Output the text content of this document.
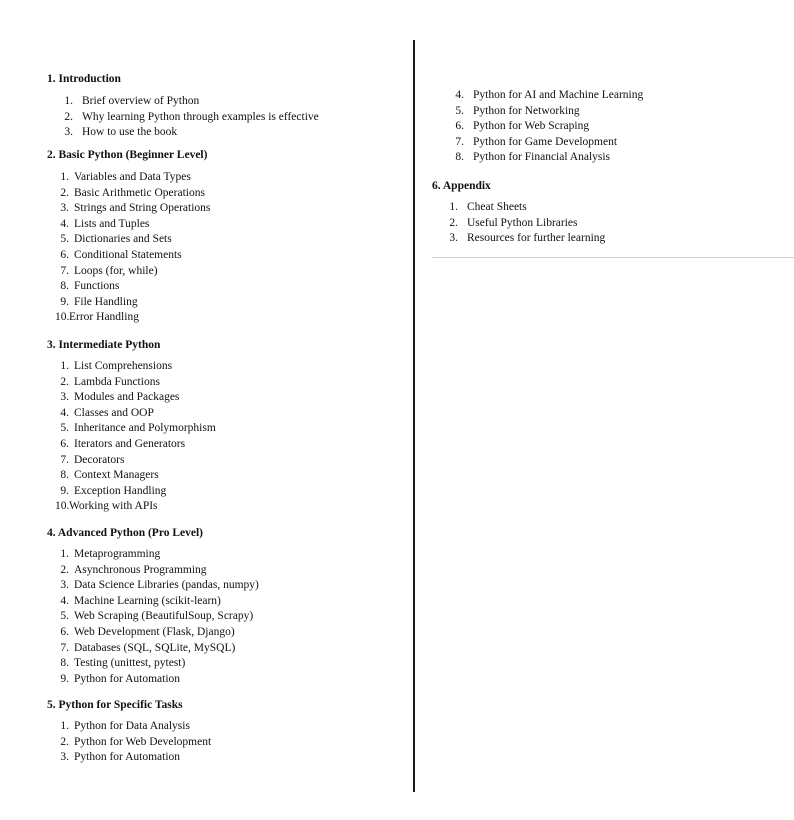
1. Introduction

1. Brief overview of Python
2. Why learning Python through examples is effective
3. How to use the book

2. Basic Python (Beginner Level)

1. Variables and Data Types
2. Basic Arithmetic Operations
3. Strings and String Operations
4. Lists and Tuples
5. Dictionaries and Sets
6. Conditional Statements
7. Loops (for, while)
8. Functions
9. File Handling
10. Error Handling

3. Intermediate Python

1. List Comprehensions
2. Lambda Functions
3. Modules and Packages
4. Classes and OOP
5. Inheritance and Polymorphism
6. Iterators and Generators
7. Decorators
8. Context Managers
9. Exception Handling
10. Working with APIs

4. Advanced Python (Pro Level)

1. Metaprogramming
2. Asynchronous Programming
3. Data Science Libraries (pandas, numpy)
4. Machine Learning (scikit-learn)
5. Web Scraping (BeautifulSoup, Scrapy)
6. Web Development (Flask, Django)
7. Databases (SQL, SQLite, MySQL)
8. Testing (unittest, pytest)
9. Python for Automation

5. Python for Specific Tasks

1. Python for Data Analysis
2. Python for Web Development
3. Python for Automation
4. Python for AI and Machine Learning
5. Python for Networking
6. Python for Web Scraping
7. Python for Game Development
8. Python for Financial Analysis

6. Appendix

1. Cheat Sheets
2. Useful Python Libraries
3. Resources for further learning
